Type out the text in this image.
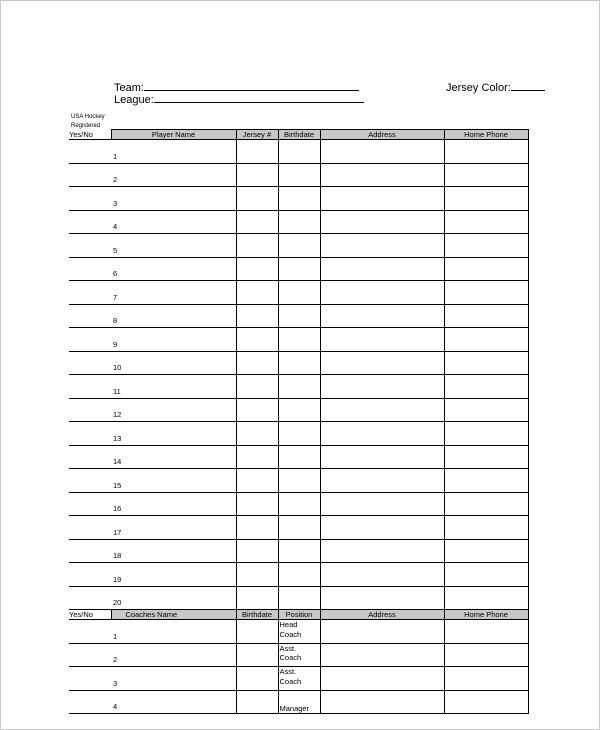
Team:
League:
Jersey Color:
USA Hockey
Registered
Yes/No	Player Name	Jersey #	Birthdate	Address	Home Phone
	1				
	2				
	3				
	4				
	5				
	6				
	7				
	8				
	9				
	10				
	11				
	12				
	13				
	14				
	15				
	16				
	17				
	18				
	19				
	20				
Yes/No	Coaches Name	Birthdate	Position	Address	Home Phone
	1		Head Coach		
	2		Asst. Coach		
	3		Asst. Coach		
	4		Manager		
